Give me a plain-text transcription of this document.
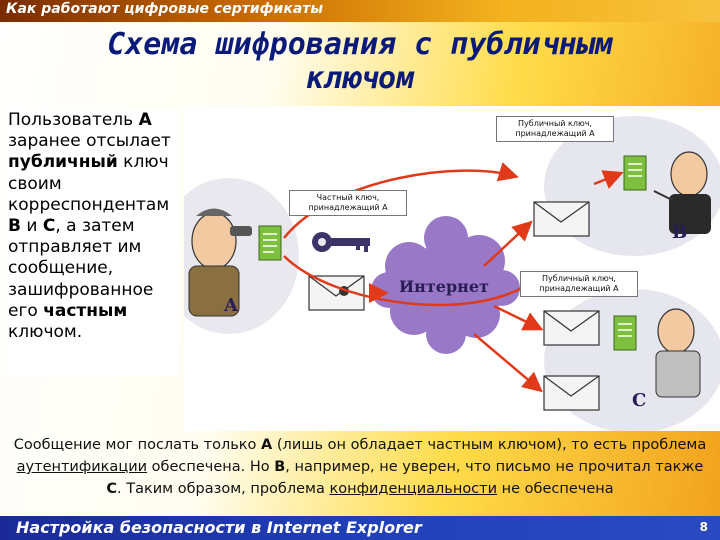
Как работают цифровые сертификаты
Схема шифрования с публичным
ключом
Пользователь A заранее отсылает публичный ключ своим корреспондентам B и C, а затем отправляет им сообщение, зашифрованное его частным ключом.
Интернет
A
B
C
Публичный ключ,
принадлежащий А
Частный ключ,
принадлежащий А
Публичный ключ,
принадлежащий А
Сообщение мог послать только A (лишь он обладает частным ключом), то есть проблема аутентификации обеспечена. Но B, например, не уверен, что письмо не прочитал также C. Таким образом, проблема конфиденциальности не обеспечена
Настройка безопасности в Internet Explorer	8
